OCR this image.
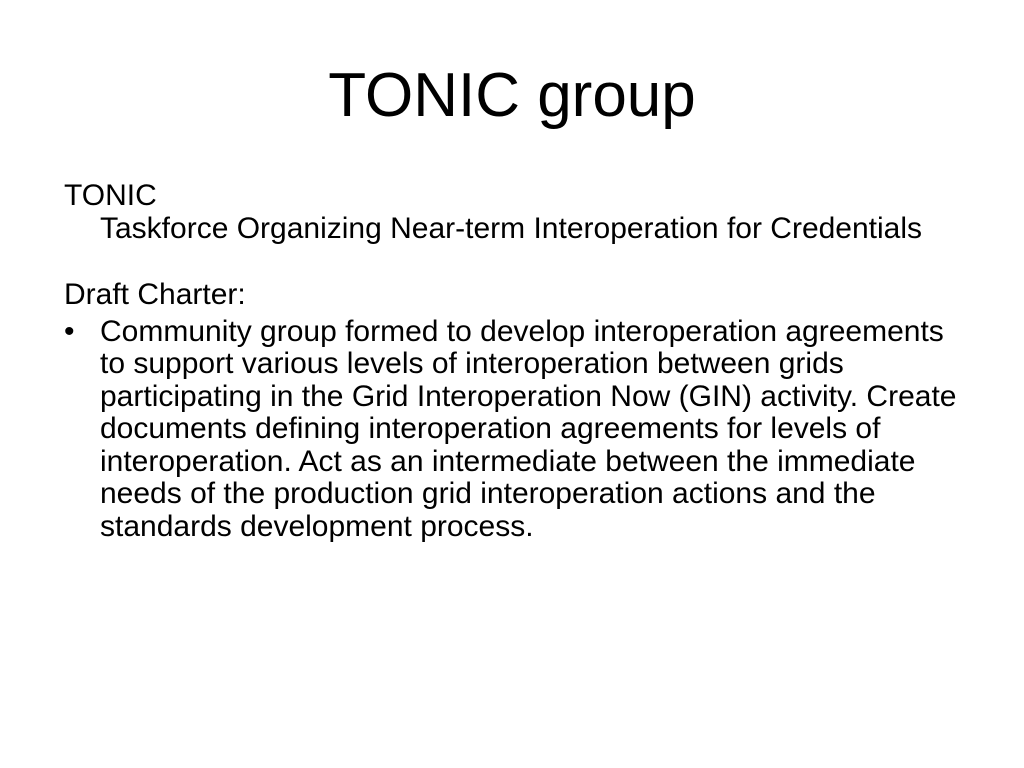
TONIC group
TONIC
Taskforce Organizing Near-term Interoperation for Credentials
Draft Charter:
• Community group formed to develop interoperation agreements to support various levels of interoperation between grids participating in the Grid Interoperation Now (GIN) activity. Create documents defining interoperation agreements for levels of interoperation. Act as an intermediate between the immediate needs of the production grid interoperation actions and the standards development process.
